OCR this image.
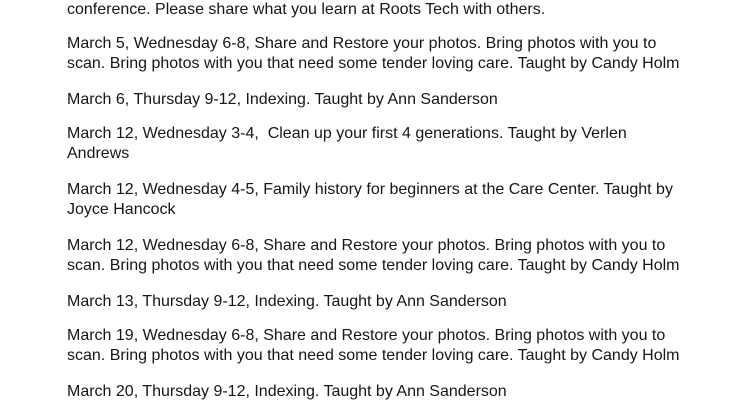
conference. Please share what you learn at Roots Tech with others.

March 5, Wednesday 6-8, Share and Restore your photos. Bring photos with you to
scan. Bring photos with you that need some tender loving care. Taught by Candy Holm

March 6, Thursday 9-12, Indexing. Taught by Ann Sanderson

March 12, Wednesday 3-4,  Clean up your first 4 generations. Taught by Verlen
Andrews

March 12, Wednesday 4-5, Family history for beginners at the Care Center. Taught by
Joyce Hancock

March 12, Wednesday 6-8, Share and Restore your photos. Bring photos with you to
scan. Bring photos with you that need some tender loving care. Taught by Candy Holm

March 13, Thursday 9-12, Indexing. Taught by Ann Sanderson

March 19, Wednesday 6-8, Share and Restore your photos. Bring photos with you to
scan. Bring photos with you that need some tender loving care. Taught by Candy Holm

March 20, Thursday 9-12, Indexing. Taught by Ann Sanderson
